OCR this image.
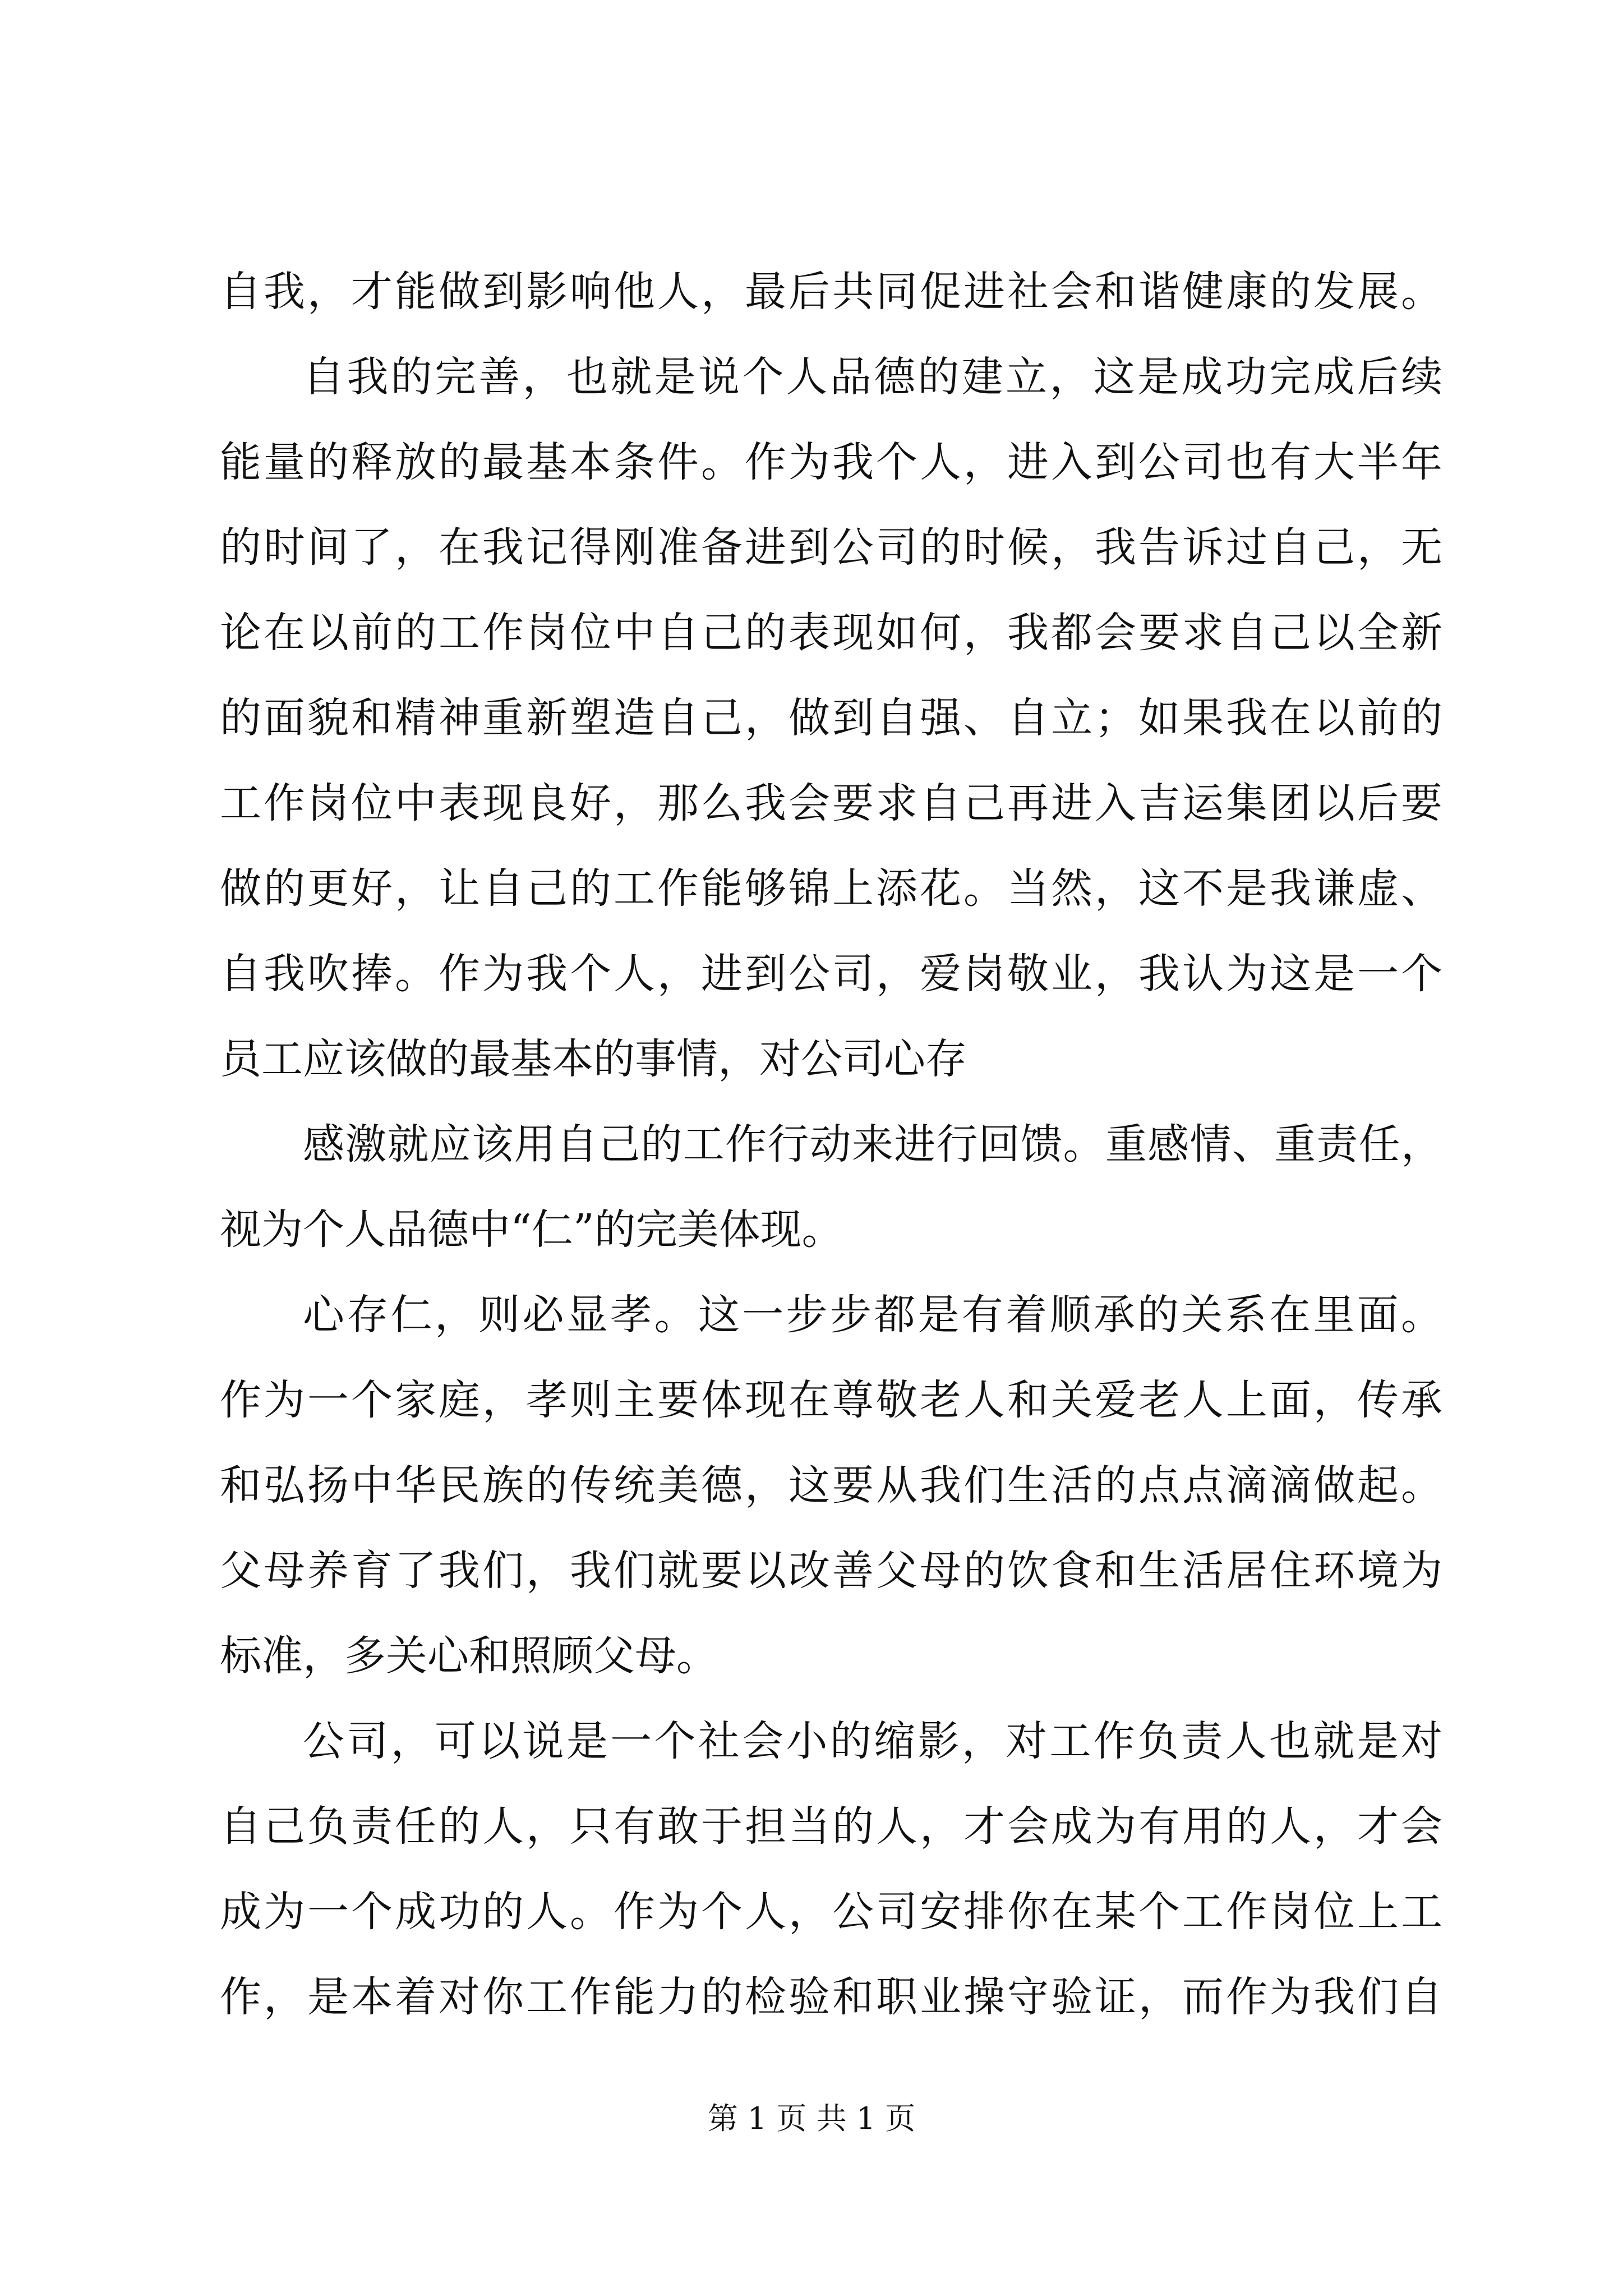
自我，才能做到影响他人，最后共同促进社会和谐健康的发展。
自我的完善，也就是说个人品德的建立，这是成功完成后续
能量的释放的最基本条件。作为我个人，进入到公司也有大半年
的时间了，在我记得刚准备进到公司的时候，我告诉过自己，无
论在以前的工作岗位中自己的表现如何，我都会要求自己以全新
的面貌和精神重新塑造自己，做到自强、自立；如果我在以前的
工作岗位中表现良好，那么我会要求自己再进入吉运集团以后要
做的更好，让自己的工作能够锦上添花。当然，这不是我谦虚、
自我吹捧。作为我个人，进到公司，爱岗敬业，我认为这是一个
员工应该做的最基本的事情，对公司心存
感激就应该用自己的工作行动来进行回馈。重感情、重责任，
视为个人品德中“仁”的完美体现。
心存仁，则必显孝。这一步步都是有着顺承的关系在里面。
作为一个家庭，孝则主要体现在尊敬老人和关爱老人上面，传承
和弘扬中华民族的传统美德，这要从我们生活的点点滴滴做起。
父母养育了我们，我们就要以改善父母的饮食和生活居住环境为
标准，多关心和照顾父母。
公司，可以说是一个社会小的缩影，对工作负责人也就是对
自己负责任的人，只有敢于担当的人，才会成为有用的人，才会
成为一个成功的人。作为个人，公司安排你在某个工作岗位上工
作，是本着对你工作能力的检验和职业操守验证，而作为我们自
第 1 页 共 1 页
